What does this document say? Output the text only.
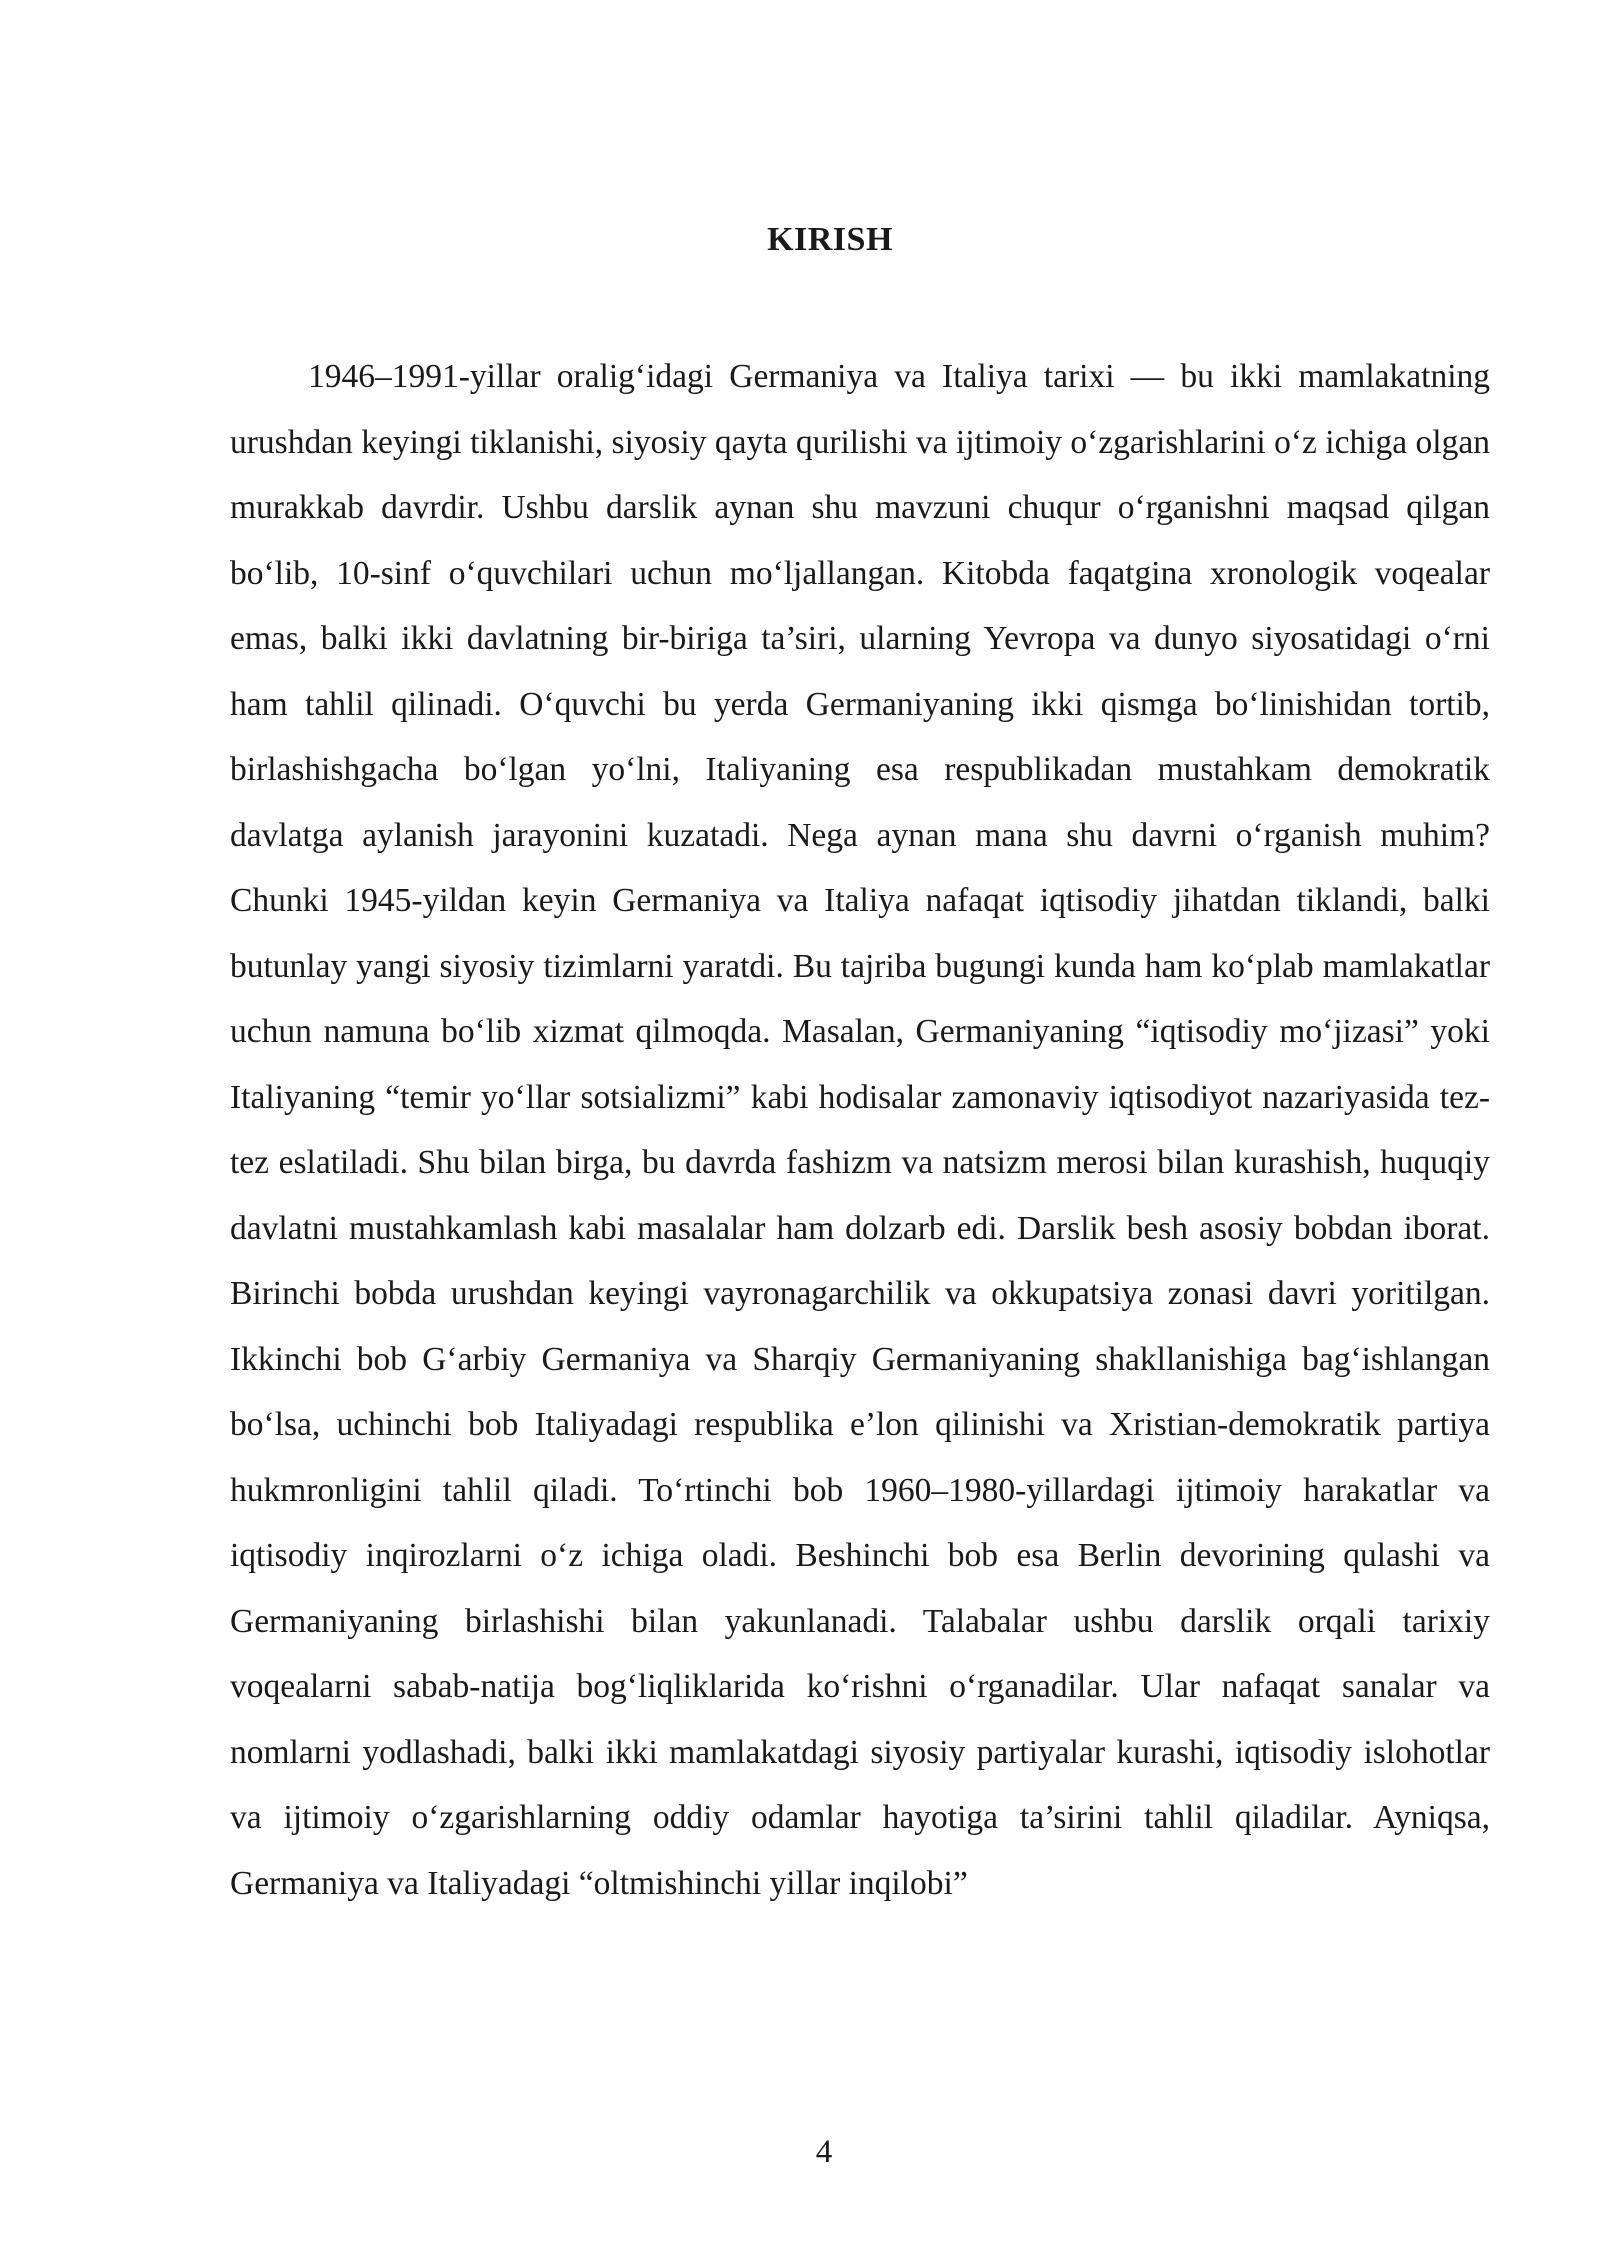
KIRISH

1946–1991-yillar oralig‘idagi Germaniya va Italiya tarixi — bu ikki mamlakatning urushdan keyingi tiklanishi, siyosiy qayta qurilishi va ijtimoiy o‘zgarishlarini o‘z ichiga olgan murakkab davrdir. Ushbu darslik aynan shu mavzuni chuqur o‘rganishni maqsad qilgan bo‘lib, 10-sinf o‘quvchilari uchun mo‘ljallangan. Kitobda faqatgina xronologik voqealar emas, balki ikki davlatning bir-biriga ta’siri, ularning Yevropa va dunyo siyosatidagi o‘rni ham tahlil qilinadi. O‘quvchi bu yerda Germaniyaning ikki qismga bo‘linishidan tortib, birlashishgacha bo‘lgan yo‘lni, Italiyaning esa respublikadan mustahkam demokratik davlatga aylanish jarayonini kuzatadi. Nega aynan mana shu davrni o‘rganish muhim? Chunki 1945-yildan keyin Germaniya va Italiya nafaqat iqtisodiy jihatdan tiklandi, balki butunlay yangi siyosiy tizimlarni yaratdi. Bu tajriba bugungi kunda ham ko‘plab mamlakatlar uchun namuna bo‘lib xizmat qilmoqda. Masalan, Germaniyaning “iqtisodiy mo‘jizasi” yoki Italiyaning “temir yo‘llar sotsializmi” kabi hodisalar zamonaviy iqtisodiyot nazariyasida tez-tez eslatiladi. Shu bilan birga, bu davrda fashizm va natsizm merosi bilan kurashish, huquqiy davlatni mustahkamlash kabi masalalar ham dolzarb edi. Darslik besh asosiy bobdan iborat. Birinchi bobda urushdan keyingi vayronagarchilik va okkupatsiya zonasi davri yoritilgan. Ikkinchi bob G‘arbiy Germaniya va Sharqiy Germaniyaning shakllanishiga bag‘ishlangan bo‘lsa, uchinchi bob Italiyadagi respublika e’lon qilinishi va Xristian-demokratik partiya hukmronligini tahlil qiladi. To‘rtinchi bob 1960–1980-yillardagi ijtimoiy harakatlar va iqtisodiy inqirozlarni o‘z ichiga oladi. Beshinchi bob esa Berlin devorining qulashi va Germaniyaning birlashishi bilan yakunlanadi. Talabalar ushbu darslik orqali tarixiy voqealarni sabab-natija bog‘liqliklarida ko‘rishni o‘rganadilar. Ular nafaqat sanalar va nomlarni yodlashadi, balki ikki mamlakatdagi siyosiy partiyalar kurashi, iqtisodiy islohotlar va ijtimoiy o‘zgarishlarning oddiy odamlar hayotiga ta’sirini tahlil qiladilar. Ayniqsa, Germaniya va Italiyadagi “oltmishinchi yillar inqilobi”

4
